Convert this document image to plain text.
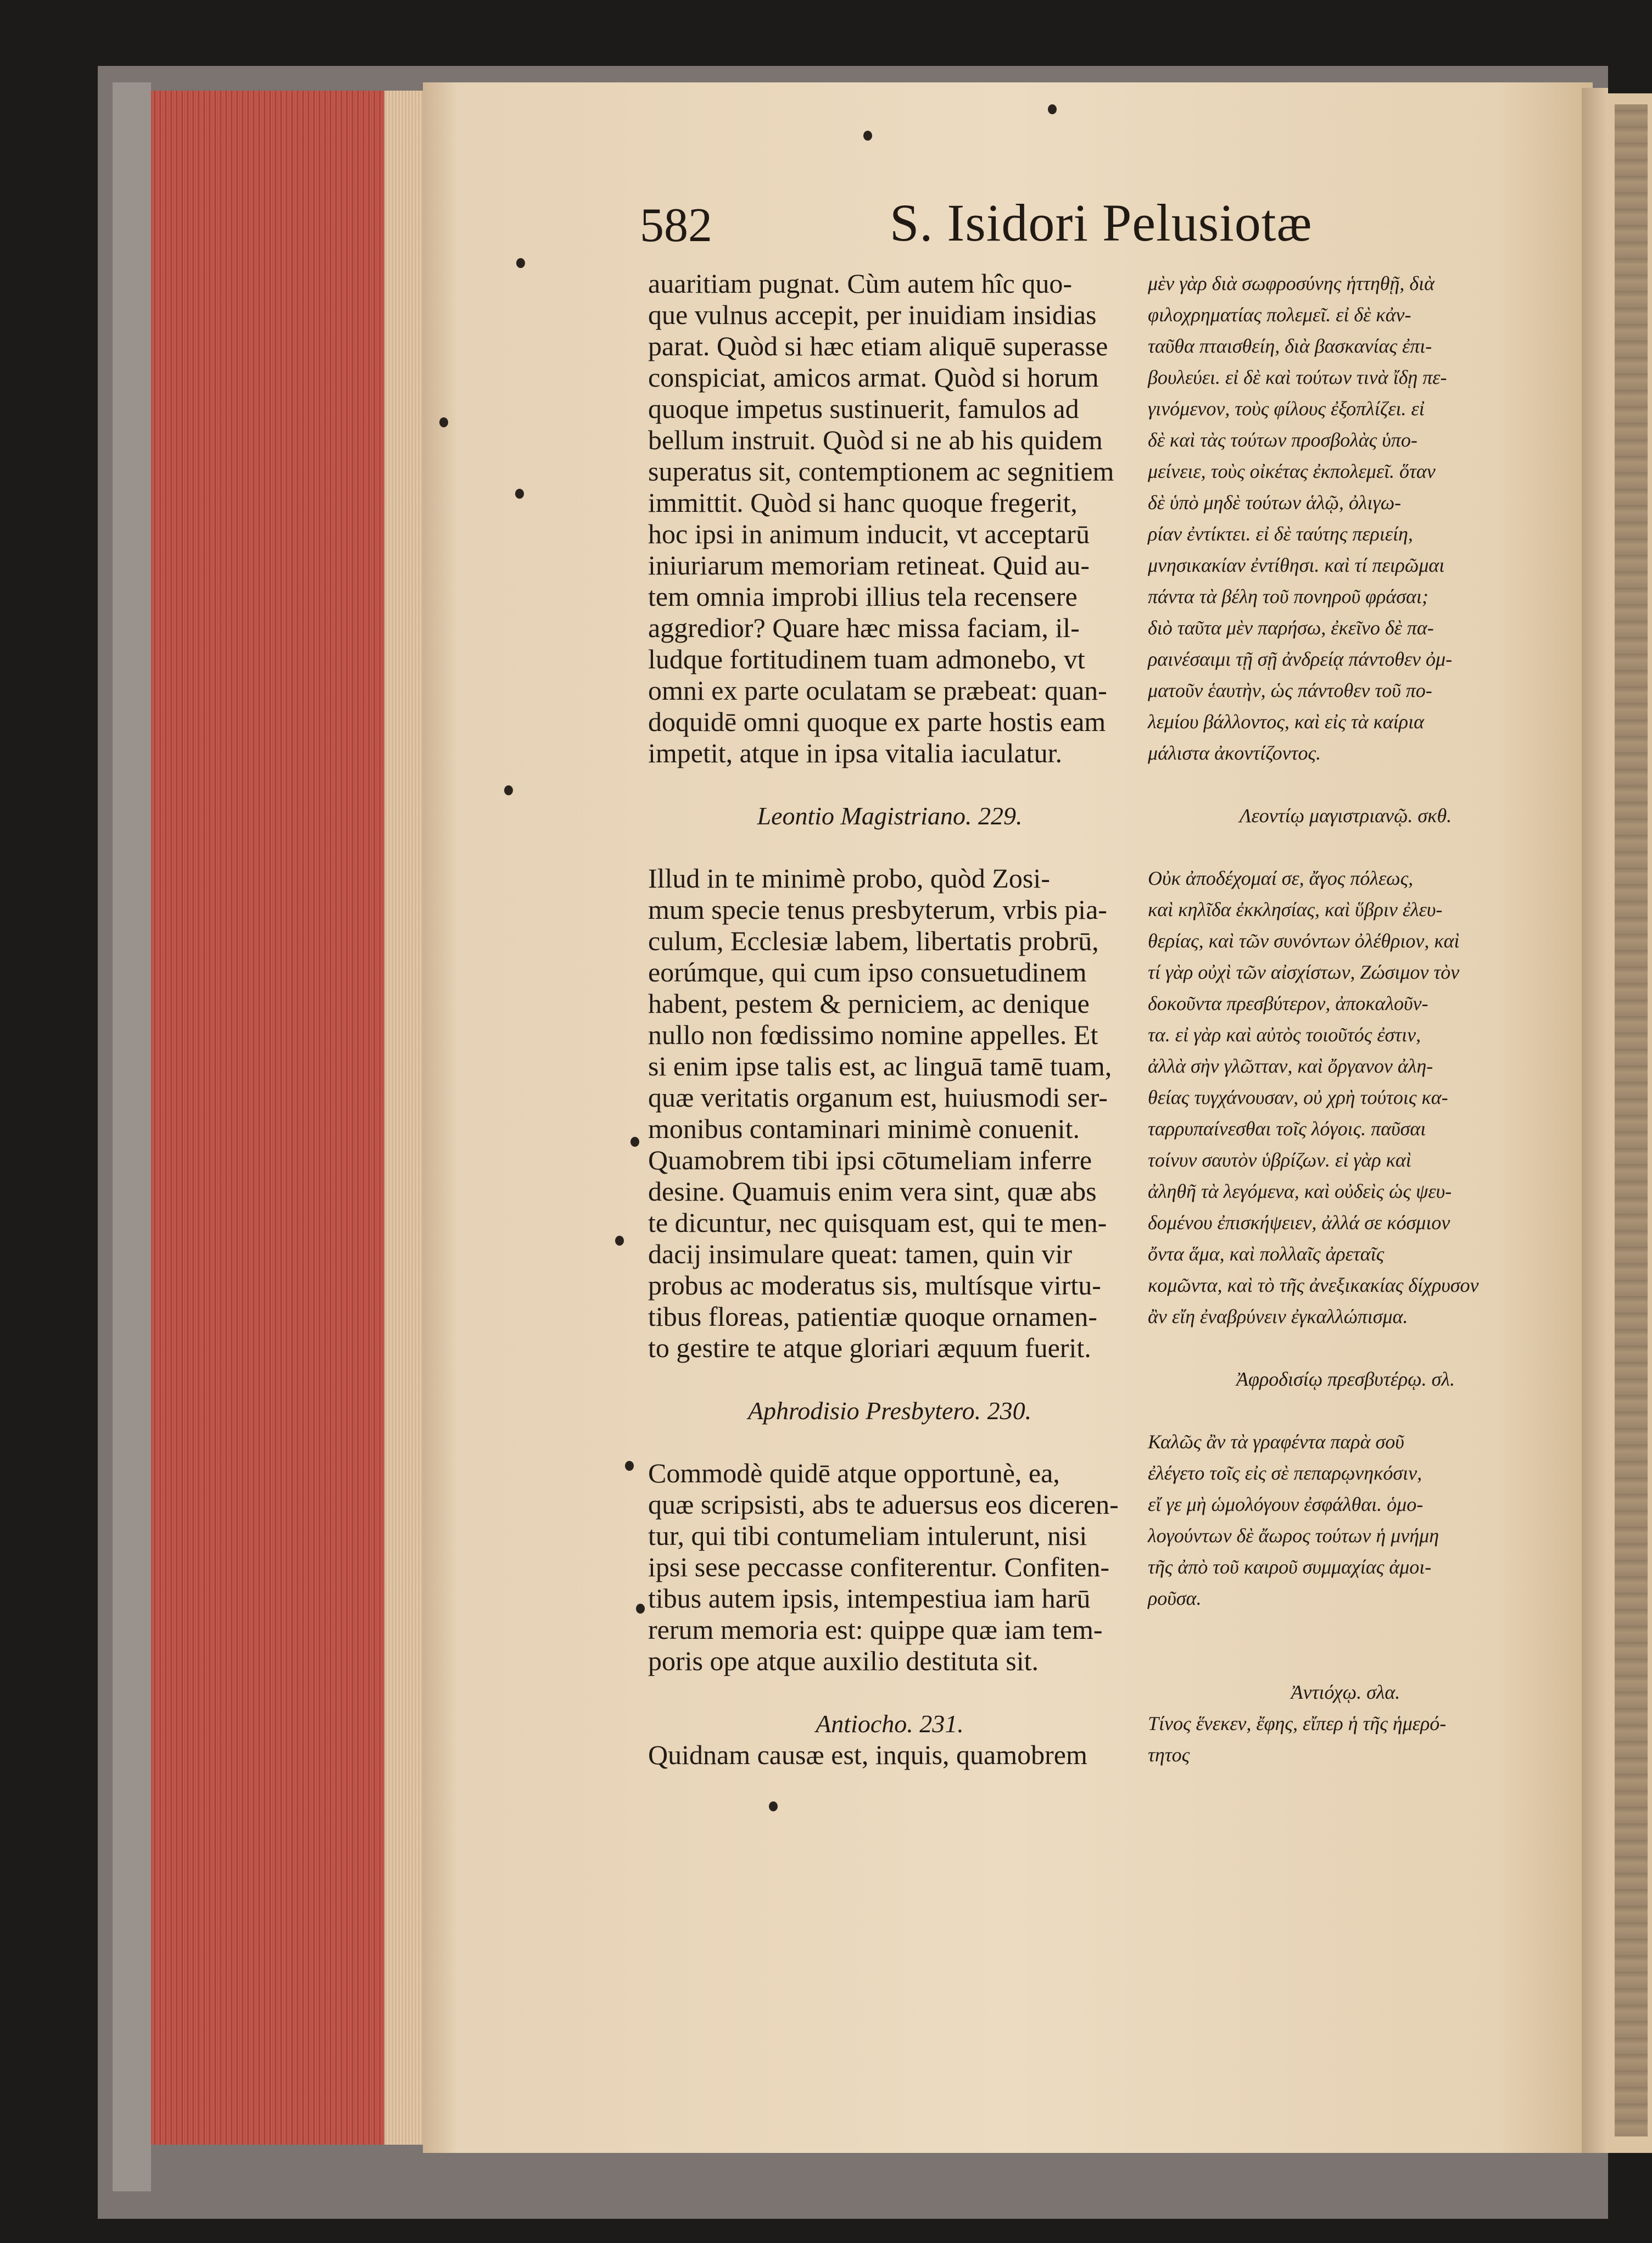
582	S. Isidori Pelusiotæ
auaritiam pugnat. Cùm autem hîc quo-
que vulnus accepit, per inuidiam insidias
parat. Quòd si hæc etiam aliquē superasse
conspiciat, amicos armat. Quòd si horum
quoque impetus sustinuerit, famulos ad
bellum instruit. Quòd si ne ab his quidem
superatus sit, contemptionem ac segnitiem
immittit. Quòd si hanc quoque fregerit,
hoc ipsi in animum inducit, vt acceptarū
iniuriarum memoriam retineat. Quid au-
tem omnia improbi illius tela recensere
aggredior? Quare hæc missa faciam, il-
ludque fortitudinem tuam admonebo, vt
omni ex parte oculatam se præbeat: quan-
doquidē omni quoque ex parte hostis eam
impetit, atque in ipsa vitalia iaculatur.
Leontio Magistriano. 229.
Illud in te minimè probo, quòd Zosi-
mum specie tenus presbyterum, vrbis pia-
culum, Ecclesiæ labem, libertatis probrū,
eorúmque, qui cum ipso consuetudinem
habent, pestem & perniciem, ac denique
nullo non fœdissimo nomine appelles. Et
si enim ipse talis est, ac linguā tamē tuam,
quæ veritatis organum est, huiusmodi ser-
monibus contaminari minimè conuenit.
Quamobrem tibi ipsi cōtumeliam inferre
desine. Quamuis enim vera sint, quæ abs
te dicuntur, nec quisquam est, qui te men-
dacij insimulare queat: tamen, quin vir
probus ac moderatus sis, multísque virtu-
tibus floreas, patientiæ quoque ornamen-
to gestire te atque gloriari æquum fuerit.
Aphrodisio Presbytero. 230.
Commodè quidē atque opportunè, ea,
quæ scripsisti, abs te aduersus eos diceren-
tur, qui tibi contumeliam intulerunt, nisi
ipsi sese peccasse confiterentur. Confiten-
tibus autem ipsis, intempestiua iam harū
rerum memoria est: quippe quæ iam tem-
poris ope atque auxilio destituta sit.
Antiocho. 231.
Quidnam causæ est, inquis, quamobrem
μὲν γὰρ διὰ σωφροσύνης ἡττηθῇ, διὰ
φιλοχρηματίας πολεμεῖ. εἰ δὲ κἀν-
ταῦθα πταισθείη, διὰ βασκανίας ἐπι-
βουλεύει. εἰ δὲ καὶ τούτων τινὰ ἴδῃ πε-
γινόμενον, τοὺς φίλους ἐξοπλίζει. εἰ
δὲ καὶ τὰς τούτων προσβολὰς ὑπο-
μείνειε, τοὺς οἰκέτας ἐκπολεμεῖ. ὅταν
δὲ ὑπὸ μηδὲ τούτων ἁλῷ, ὀλιγω-
ρίαν ἐντίκτει. εἰ δὲ ταύτης περιείη,
μνησικακίαν ἐντίθησι. καὶ τί πειρῶμαι
πάντα τὰ βέλη τοῦ πονηροῦ φράσαι;
διὸ ταῦτα μὲν παρήσω, ἐκεῖνο δὲ πα-
ραινέσαιμι τῇ σῇ ἀνδρείᾳ πάντοθεν ὀμ-
ματοῦν ἑαυτὴν, ὡς πάντοθεν τοῦ πο-
λεμίου βάλλοντος, καὶ εἰς τὰ καίρια
μάλιστα ἀκοντίζοντος.
Λεοντίῳ μαγιστριανῷ. σκθ.
Οὐκ ἀποδέχομαί σε, ἄγος πόλεως,
καὶ κηλῖδα ἐκκλησίας, καὶ ὕβριν ἐλευ-
θερίας, καὶ τῶν συνόντων ὀλέθριον, καὶ
τί γὰρ οὐχὶ τῶν αἰσχίστων, Ζώσιμον τὸν
δοκοῦντα πρεσβύτερον, ἀποκαλοῦν-
τα. εἰ γὰρ καὶ αὐτὸς τοιοῦτός ἐστιν,
ἀλλὰ σὴν γλῶτταν, καὶ ὄργανον ἀλη-
θείας τυγχάνουσαν, οὐ χρὴ τούτοις κα-
ταρρυπαίνεσθαι τοῖς λόγοις. παῦσαι
τοίνυν σαυτὸν ὑβρίζων. εἰ γὰρ καὶ
ἀληθῆ τὰ λεγόμενα, καὶ οὐδεὶς ὡς ψευ-
δομένου ἐπισκήψειεν, ἀλλά σε κόσμιον
ὄντα ἅμα, καὶ πολλαῖς ἀρεταῖς
κομῶντα, καὶ τὸ τῆς ἀνεξικακίας δίχρυσον
ἂν εἴη ἐναβρύνειν ἐγκαλλώπισμα.
Ἀφροδισίῳ πρεσβυτέρῳ. σλ.
Καλῶς ἂν τὰ γραφέντα παρὰ σοῦ
ἐλέγετο τοῖς εἰς σὲ πεπαρῳνηκόσιν,
εἴ γε μὴ ὡμολόγουν ἐσφάλθαι. ὁμο-
λογούντων δὲ ἄωρος τούτων ἡ μνήμη
τῆς ἀπὸ τοῦ καιροῦ συμμαχίας ἀμοι-
ροῦσα.
Ἀντιόχῳ. σλα.
Τίνος ἕνεκεν, ἔφης, εἴπερ ἡ τῆς ἡμερό-
τητος
